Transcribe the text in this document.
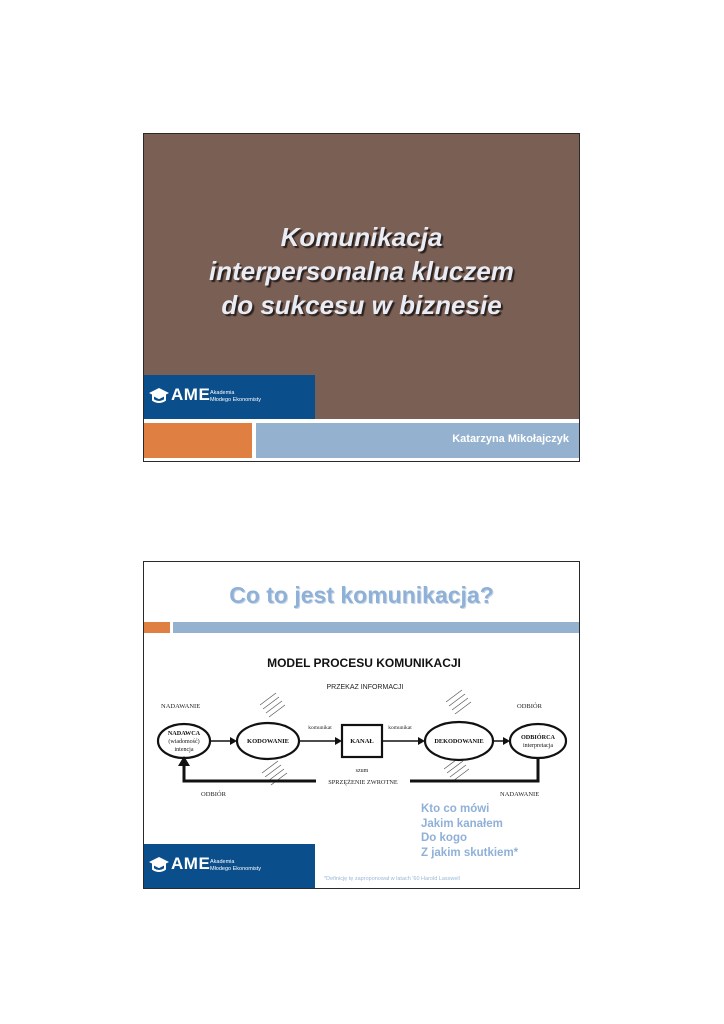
Komunikacja
interpersonalna kluczem
do sukcesu w biznesie
AME Akademia
Młodego Ekonomisty
Katarzyna Mikołajczyk
Co to jest komunikacja?
MODEL PROCESU KOMUNIKACJI
PRZEKAZ INFORMACJI
NADAWANIE	ODBIÓR
NADAWCA
(wiadomość)
intencja
KODOWANIE
komunikat
KANAŁ
komunikat
DEKODOWANIE
ODBIÓRCA
interpretacja
szum
SPRZĘŻENIE ZWROTNE
ODBIÓR	NADAWANIE
Kto co mówi
Jakim kanałem
Do kogo
Z jakim skutkiem*
AME Akademia
Młodego Ekonomisty
*Definicję tę zaproponował w latach '60 Harold Lasswell
